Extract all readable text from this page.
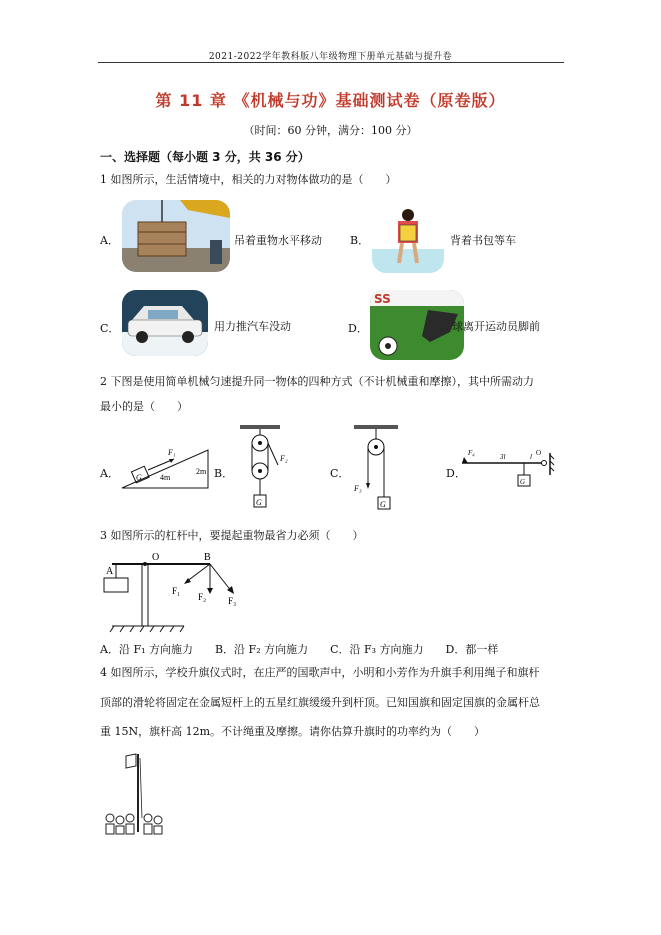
2021-2022学年教科版八年级物理下册单元基础与提升卷
第 11 章 《机械与功》基础测试卷（原卷版）
（时间：60 分钟，满分：100 分）
一、选择题（每小题 3 分，共 36 分）
1 如图所示，生活情境中，相关的力对物体做功的是（　　）
A．	吊着重物水平移动	B．	背着书包等车
C．	用力推汽车没动	D．
SS
球离开运动员脚前
2 下图是使用简单机械匀速提升同一物体的四种方式（不计机械重和摩擦），其中所需动力
最小的是（　　）
A． G
F₁
4m
2m B．
F₂
G
C．
F₃
G
D．
F₄	3l	l
G
O
3 如图所示的杠杆中，要提起重物最省力必须（　　）
A
O	B
F₁
F₂ F₃
A．沿 F₁ 方向施力　　B．沿 F₂ 方向施力　　C．沿 F₃ 方向施力　　D．都一样
4 如图所示，学校升旗仪式时，在庄严的国歌声中，小明和小芳作为升旗手利用绳子和旗杆
顶部的滑轮将固定在金属短杆上的五星红旗缓缓升到杆顶。已知国旗和固定国旗的金属杆总
重 15N，旗杆高 12m。不计绳重及摩擦。请你估算升旗时的功率约为（　　）
